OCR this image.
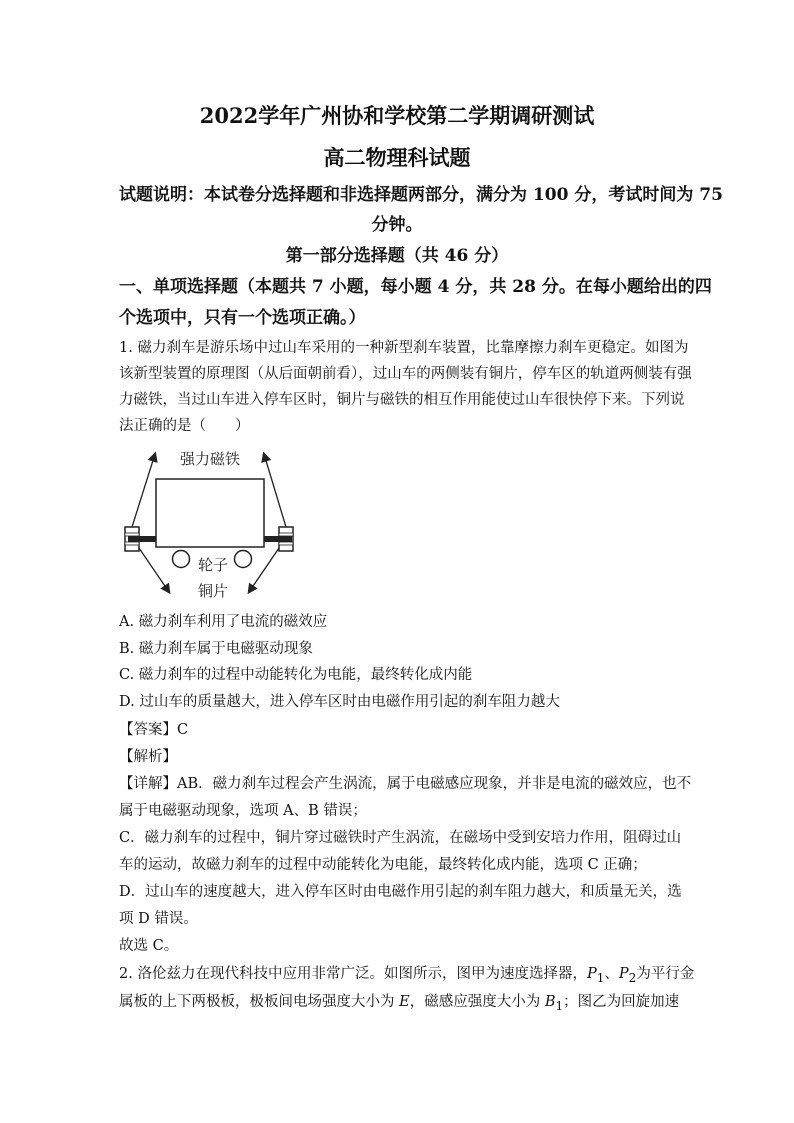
2022学年广州协和学校第二学期调研测试
高二物理科试题
试题说明：本试卷分选择题和非选择题两部分，满分为 100 分，考试时间为 75
分钟。
第一部分选择题（共 46 分）
一、单项选择题（本题共 7 小题，每小题 4 分，共 28 分。在每小题给出的四
个选项中，只有一个选项正确。）
1. 磁力刹车是游乐场中过山车采用的一种新型刹车装置，比靠摩擦力刹车更稳定。如图为
该新型装置的原理图（从后面朝前看），过山车的两侧装有铜片，停车区的轨道两侧装有强
力磁铁，当过山车进入停车区时，铜片与磁铁的相互作用能使过山车很快停下来。下列说
法正确的是（　　）
强力磁铁
轮子
铜片
A. 磁力刹车利用了电流的磁效应
B. 磁力刹车属于电磁驱动现象
C. 磁力刹车的过程中动能转化为电能，最终转化成内能
D. 过山车的质量越大，进入停车区时由电磁作用引起的刹车阻力越大
【答案】C
【解析】
【详解】AB．磁力刹车过程会产生涡流，属于电磁感应现象，并非是电流的磁效应，也不
属于电磁驱动现象，选项 A、B 错误；
C．磁力刹车的过程中，铜片穿过磁铁时产生涡流，在磁场中受到安培力作用，阻碍过山
车的运动，故磁力刹车的过程中动能转化为电能，最终转化成内能，选项 C 正确；
D．过山车的速度越大，进入停车区时由电磁作用引起的刹车阻力越大，和质量无关，选
项 D 错误。
故选 C。
2. 洛伦兹力在现代科技中应用非常广泛。如图所示，图甲为速度选择器，$P_1$、$P_2$为平行金
属板的上下两极板，极板间电场强度大小为 E，磁感应强度大小为 $B_1$；图乙为回旋加速
